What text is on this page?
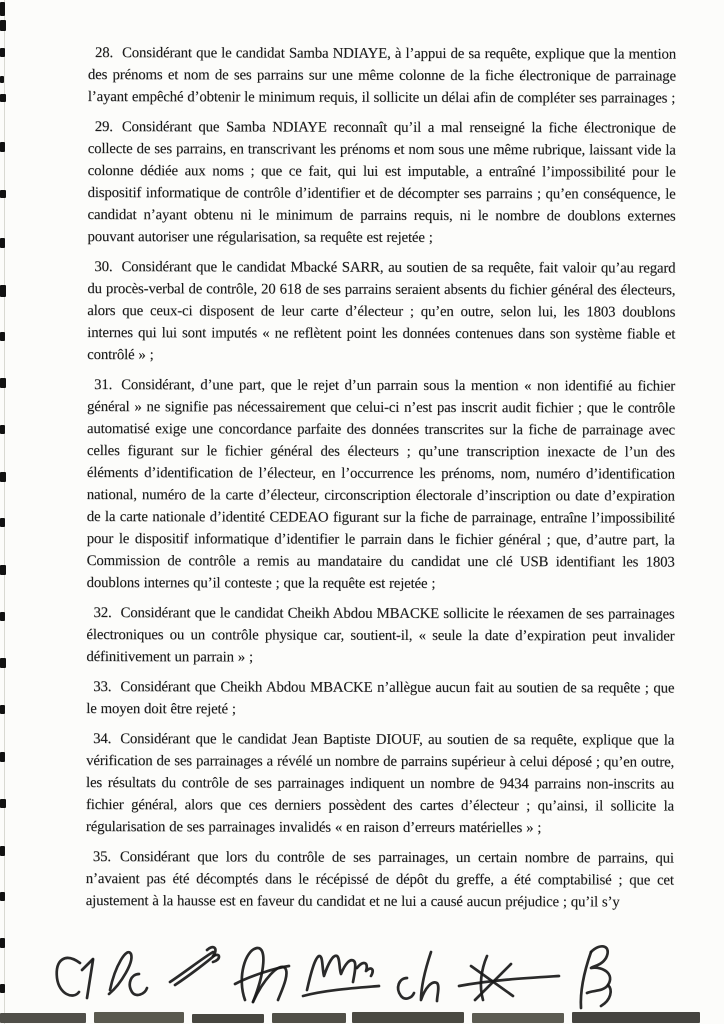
28. Considérant que le candidat Samba NDIAYE, à l’appui de sa requête, explique que la mention des prénoms et nom de ses parrains sur une même colonne de la fiche électronique de parrainage l’ayant empêché d’obtenir le minimum requis, il sollicite un délai afin de compléter ses parrainages ;

29. Considérant que Samba NDIAYE reconnaît qu’il a mal renseigné la fiche électronique de collecte de ses parrains, en transcrivant les prénoms et nom sous une même rubrique, laissant vide la colonne dédiée aux noms ; que ce fait, qui lui est imputable, a entraîné l’impossibilité pour le dispositif informatique de contrôle d’identifier et de décompter ses parrains ; qu’en conséquence, le candidat n’ayant obtenu ni le minimum de parrains requis, ni le nombre de doublons externes pouvant autoriser une régularisation, sa requête est rejetée ;

30. Considérant que le candidat Mbacké SARR, au soutien de sa requête, fait valoir qu’au regard du procès-verbal de contrôle, 20 618 de ses parrains seraient absents du fichier général des électeurs, alors que ceux-ci disposent de leur carte d’électeur ; qu’en outre, selon lui, les 1803 doublons internes qui lui sont imputés « ne reflètent point les données contenues dans son système fiable et contrôlé » ;

31. Considérant, d’une part, que le rejet d’un parrain sous la mention « non identifié au fichier général » ne signifie pas nécessairement que celui-ci n’est pas inscrit audit fichier ; que le contrôle automatisé exige une concordance parfaite des données transcrites sur la fiche de parrainage avec celles figurant sur le fichier général des électeurs ; qu’une transcription inexacte de l’un des éléments d’identification de l’électeur, en l’occurrence les prénoms, nom, numéro d’identification national, numéro de la carte d’électeur, circonscription électorale d’inscription ou date d’expiration de la carte nationale d’identité CEDEAO figurant sur la fiche de parrainage, entraîne l’impossibilité pour le dispositif informatique d’identifier le parrain dans le fichier général ; que, d’autre part, la Commission de contrôle a remis au mandataire du candidat une clé USB identifiant les 1803 doublons internes qu’il conteste ; que la requête est rejetée ;

32. Considérant que le candidat Cheikh Abdou MBACKE sollicite le réexamen de ses parrainages électroniques ou un contrôle physique car, soutient-il, « seule la date d’expiration peut invalider définitivement un parrain » ;

33. Considérant que Cheikh Abdou MBACKE n’allègue aucun fait au soutien de sa requête ; que le moyen doit être rejeté ;

34. Considérant que le candidat Jean Baptiste DIOUF, au soutien de sa requête, explique que la vérification de ses parrainages a révélé un nombre de parrains supérieur à celui déposé ; qu’en outre, les résultats du contrôle de ses parrainages indiquent un nombre de 9434 parrains non-inscrits au fichier général, alors que ces derniers possèdent des cartes d’électeur ; qu’ainsi, il sollicite la régularisation de ses parrainages invalidés « en raison d’erreurs matérielles » ;

35. Considérant que lors du contrôle de ses parrainages, un certain nombre de parrains, qui n’avaient pas été décomptés dans le récépissé de dépôt du greffe, a été comptabilisé ; que cet ajustement à la hausse est en faveur du candidat et ne lui a causé aucun préjudice ; qu’il s’y
